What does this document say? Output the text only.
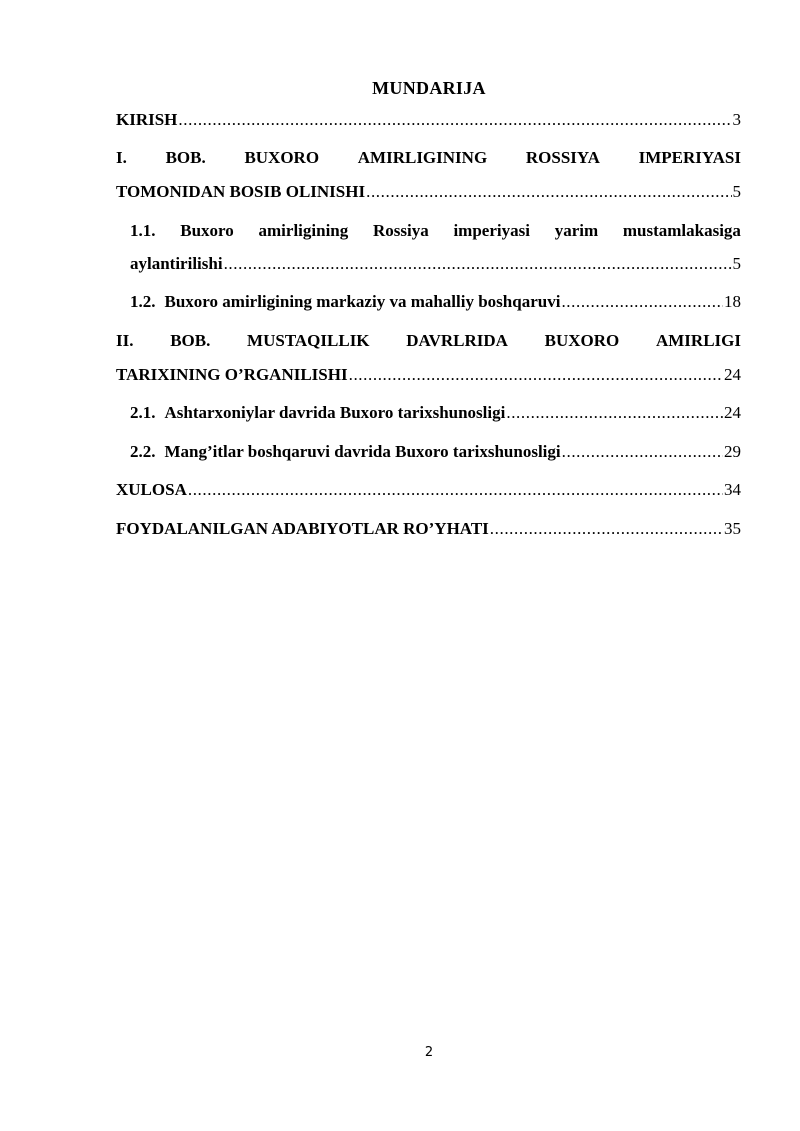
MUNDARIJA
KIRISH .....	3
I. BOB. BUXORO AMIRLIGINING ROSSIYA IMPERIYASI
TOMONIDAN BOSIB OLINISHI .....	5
1.1. Buxoro amirligining Rossiya imperiyasi yarim mustamlakasiga
aylantirilishi .....	5
1.2. Buxoro amirligining markaziy va mahalliy boshqaruvi .....	18
II. BOB. MUSTAQILLIK DAVRLRIDA BUXORO AMIRLIGI
TARIXINING O’RGANILISHI .....	24
2.1. Ashtarxoniylar davrida Buxoro tarixshunosligi .....	24
2.2. Mang’itlar boshqaruvi davrida Buxoro tarixshunosligi .....	29
XULOSA .....	34
FOYDALANILGAN ADABIYOTLAR RO’YHATI .....	35
2
